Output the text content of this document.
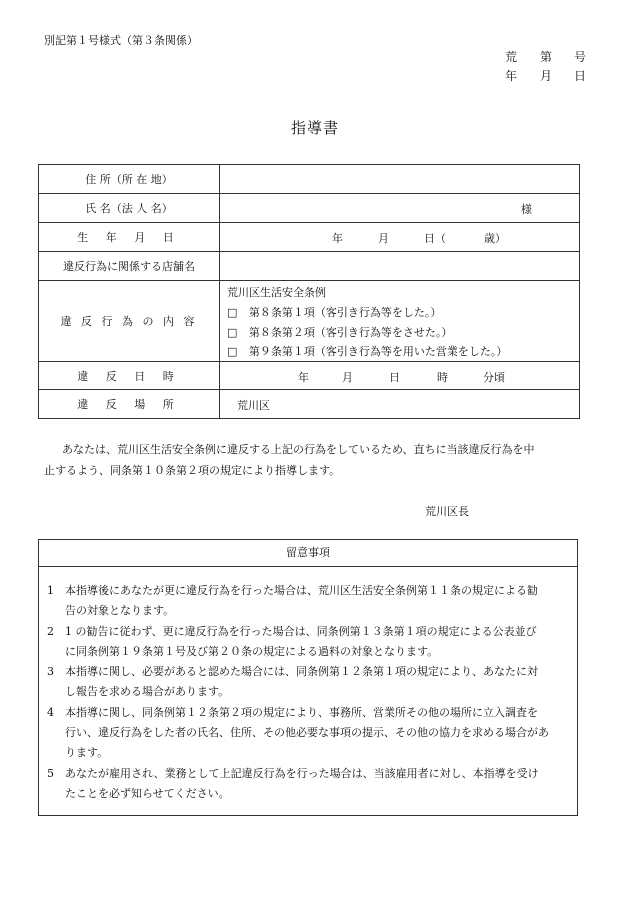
別記第１号様式（第３条関係）
荒 第 号
年 月 日
指導書
住 所（所 在 地）	
氏 名（法 人 名）	様

生 年 月 日	年 月 日（ 歳）

違反行為に関係する店舗名	
違 反 行 為 の 内 容	荒川区生活安全条例
□ 第８条第１項（客引き行為等をした。）
□ 第８条第２項（客引き行為等をさせた。）
□ 第９条第１項（客引き行為等を用いた営業をした。）

違 反 日 時	年 月 日 時 分頃

違 反 場 所	荒川区
あなたは、荒川区生活安全条例に違反する上記の行為をしているため、直ちに当該違反行為を中
止するよう、同条第１０条第２項の規定により指導します。
荒川区長
留意事項
1	本指導後にあなたが更に違反行為を行った場合は、荒川区生活安全条例第１１条の規定による勧
告の対象となります。
2	1 の勧告に従わず、更に違反行為を行った場合は、同条例第１３条第１項の規定による公表並び
に同条例第１９条第１号及び第２０条の規定による過料の対象となります。
3	本指導に関し、必要があると認めた場合には、同条例第１２条第１項の規定により、あなたに対
し報告を求める場合があります。
4	本指導に関し、同条例第１２条第２項の規定により、事務所、営業所その他の場所に立入調査を
行い、違反行為をした者の氏名、住所、その他必要な事項の提示、その他の協力を求める場合があ
ります。
5	あなたが雇用され、業務として上記違反行為を行った場合は、当該雇用者に対し、本指導を受け
たことを必ず知らせてください。
